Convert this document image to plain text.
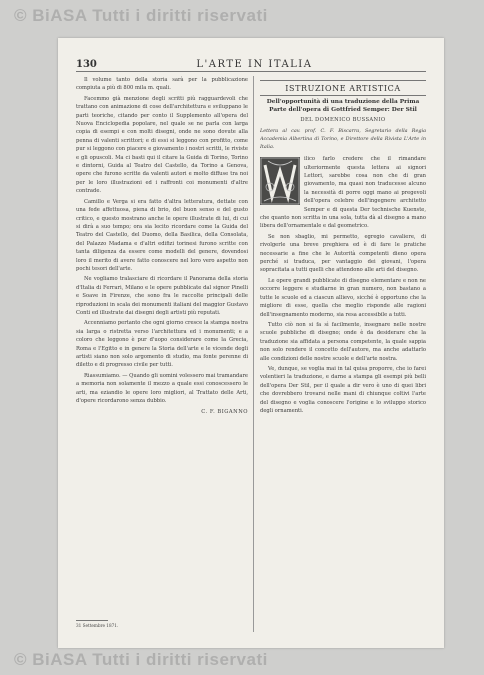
© BiASA Tutti i diritti riservati
130	L'ARTE IN ITALIA

Il volume tanto della storia sarà per la pubblicazione compiuta a più di 800 mila m. quali.

Facemmo già menzione degli scritti più ragguardevoli che trattano con animazione di cose dell'architettura e sviluppano le parti teoriche, citando per conto il Supplemento all'opera del Nuova Enciclopedia popolare, nel quale se ne parla con larga copia di esempi e con molti disegni, onde ne sono dovute alla penna di valenti scrittori; e di essi si leggono con profitto, come pur si leggono con piacere e giovamento i nostri scritti, le riviste e gli opuscoli. Ma ci basti qui il citare la Guida di Torino, Torino e dintorni, Guida al Teatro del Castello, da Torino a Genova, opere che furono scritte da valenti autori e molto diffuse tra noi per le loro illustrazioni ed i raffronti coi monumenti d'altre contrade.

Camillo e Verga si era fatto d'altra letteratura, dettate con una fede affettuosa, piena di brio, del buon senso e del gusto critico, e questo mostrano anche le opere illustrate di lui, di cui si dirà a suo tempo; ora sia lecito ricordare come la Guida del Teatro del Castello, del Duomo, della Basilica, della Consolata, del Palazzo Madama e d'altri edifizi torinesi furono scritte con tanta diligenza da essere come modelli del genere, dovendosi loro il merito di avere fatto conoscere nel loro vero aspetto non pochi tesori dell'arte.

Ne vogliamo tralasciare di ricordare il Panorama della storia d'Italia di Ferrari, Milano e le opere pubblicate dal signor Pinelli e Soave in Firenze, che sono fra le raccolte principali delle riproduzioni in scala dei monumenti italiani del maggior Gustavo Conti ed illustrate dai disegni degli artisti più reputati.

Accenniamo pertanto che ogni giorno cresce la stampa nostra sia larga o ristretta verso l'architettura ed i monumenti; e a coloro che leggono è pur d'uopo considerare come la Grecia, Roma e l'Egitto e in genere la Storia dell'arte e le vicende degli artisti siano non solo argomento di studio, ma fonte perenne di diletto e di progresso civile per tutti.

Riassumiamo. — Quando gli uomini volessero mai tramandare a memoria non solamente il mezzo a quale essi conoscessero le arti, ma eziandio le opere loro migliori, al Trattato delle Arti, d'opere ricordarono senza dubbio.

C. F. BIGANNO

31 Settembre 1871.
ISTRUZIONE ARTISTICA
Dell'opportunità di una traduzione della Prima Parte dell'opera di Gottfried Semper: Der Stil
DEL DOMENICO BUSSANIO

Lettera al cav. prof. C. F. Biscarra, Segretario della Regia Accademia Albertina di Torino, e Direttore della Rivista L'Arte in Italia.

ilico farlo credere che il rimandare ulteriormente questa lettera ai signori Lettori, sarebbe cosa non che di gran giovamento, ma quasi non traducesse alcuno la necessità di porre oggi mano ai pregevoli dell'opera celebre dell'ingegnere architetto Semper e di questa Der technische Kuenste, che quanto non scritta in una sola, tutta dà al disegno a mano libera dell'ornamentale e dal geometrico.

Se non sbaglio, mi permetto, egregio cavaliere, di rivolgerle una breve preghiera ed è di fare le pratiche necessarie a fine che le Autorità competenti dieno opera perché si traduca, per vantaggio dei giovani, l'opera sopracitata a tutti quelli che attendono alle arti del disegno.

Le opere grandi pubblicate di disegno elementare e non ne occorre leggere e studiarne in gran numero, non bastano a tutte le scuole ed a ciascun allievo, sicché è opportuno che la migliore di esse, quella che meglio risponde alle ragioni dell'insegnamento moderno, sia resa accessibile a tutti.

Tutto ciò non si fa sì facilmente, insegnare nelle nostre scuole pubbliche di disegno; onde è da desiderare che la traduzione sia affidata a persona competente, la quale sappia non solo rendere il concetto dell'autore, ma anche adattarlo alle condizioni delle nostre scuole e dell'arte nostra.

Ve, dunque, se voglia mai in tal quisa proporre, che io farei volentieri la traduzione, e darne a stampa gli esempi più belli dell'opera Der Stil, per il quale a dir vero è uno di quei libri che dovrebbero trovarsi nelle mani di chiunque coltivi l'arte del disegno e voglia conoscere l'origine e lo sviluppo storico degli ornamenti.

© BiASA Tutti i diritti riservati
